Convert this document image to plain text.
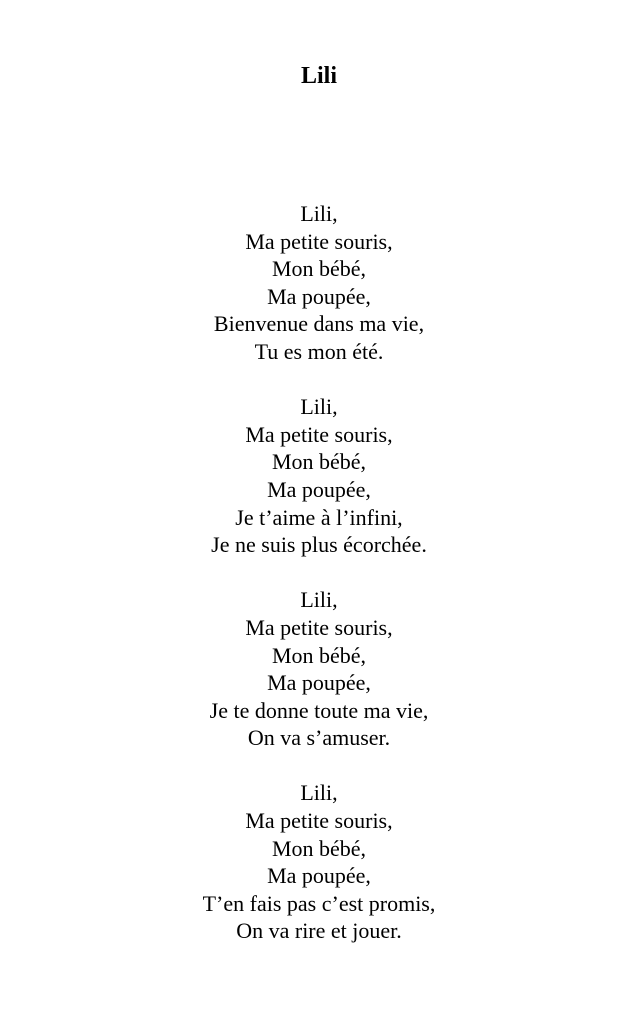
Lili
Lili,
Ma petite souris,
Mon bébé,
Ma poupée,
Bienvenue dans ma vie,
Tu es mon été.
Lili,
Ma petite souris,
Mon bébé,
Ma poupée,
Je t’aime à l’infini,
Je ne suis plus écorchée.
Lili,
Ma petite souris,
Mon bébé,
Ma poupée,
Je te donne toute ma vie,
On va s’amuser.
Lili,
Ma petite souris,
Mon bébé,
Ma poupée,
T’en fais pas c’est promis,
On va rire et jouer.
